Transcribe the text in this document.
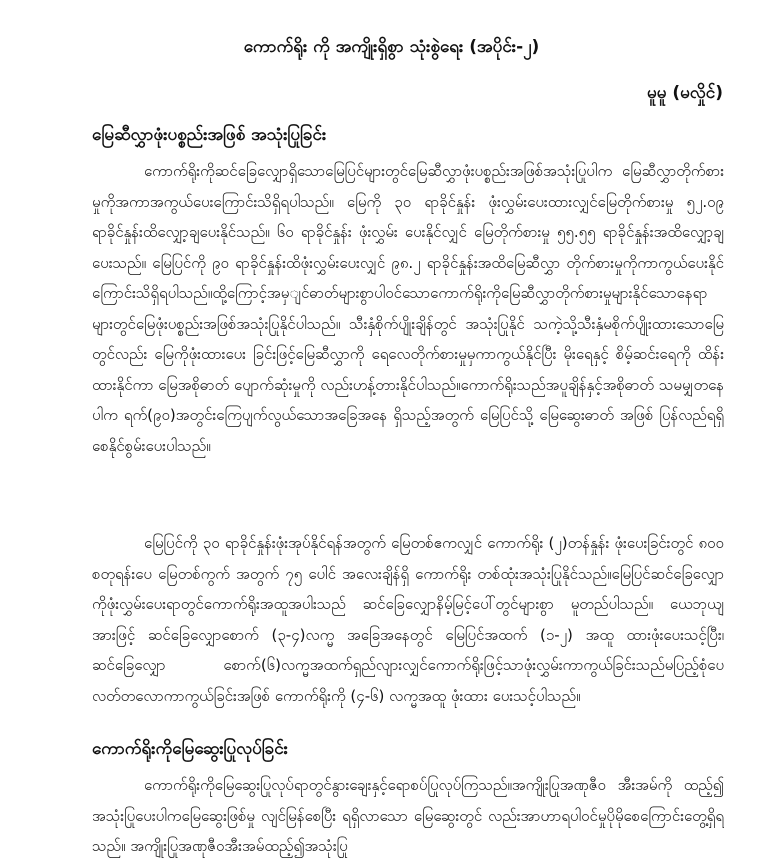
ကောက်ရိုး ကို အကျိုးရှိစွာ သုံးစွဲရေး (အပိုင်း-၂)
မူမူ (မလှိုင်)
မြေဆီလွှာဖုံးပစ္စည်းအဖြစ် အသုံးပြုခြင်း

ကောက်ရိုးကိုဆင်ခြေလျှောရှိသောမြေပြင်များတွင်မြေဆီလွှာဖုံးပစ္စည်းအဖြစ်အသုံးပြုပါက မြေဆီလွှာတိုက်စားမှုကိုအကာအကွယ်ပေးကြောင်းသိရှိရပါသည်။ မြေကို ၃၀ ရာခိုင်နှုန်း ဖုံးလွှမ်းပေးထားလျှင်မြေတိုက်စားမှု ၅၂.၀၉ ရာခိုင်နှုန်းထိလျှော့ချပေးနိုင်သည်။ ၆၀ ရာခိုင်နှုန်း ဖုံးလွှမ်း ပေးနိုင်လျှင် မြေတိုက်စားမှု ၅၅.၅၅ ရာခိုင်နှုန်းအထိလျှော့ချပေးသည်။ မြေပြင်ကို ၉၀ ရာခိုင်နှုန်းထိဖုံးလွှမ်းပေးလျှင် ၉၈.၂ ရာခိုင်နှုန်းအထိမြေဆီလွှာ တိုက်စားမှုကိုကာကွယ်ပေးနိုင်ကြောင်းသိရှိရပါသည်။ထို့ကြောင့်အမှျင်ဓာတ်များစွာပါဝင်သောကောက်ရိုးကိုမြေဆီလွှာတိုက်စားမှုများနိုင်သောနေရာများတွင်မြေဖုံးပစ္စည်းအဖြစ်အသုံးပြုနိုင်ပါသည်။ သီးနှံစိုက်ပျိုးချိန်တွင် အသုံးပြုနိုင် သကဲ့သို့သီးနှံမစိုက်ပျိုးထားသောမြေတွင်လည်း မြေကိုဖုံးထားပေး ခြင်းဖြင့်မြေဆီလွှာကို ရေလေတိုက်စားမှုမှကာကွယ်နိုင်ပြီး မိုးရေနှင့် စိမ့်ဆင်းရေကို ထိန်းထားနိုင်ကာ မြေအစိုဓာတ် ပျောက်ဆုံးမှုကို လည်းဟန့်တားနိုင်ပါသည်။ကောက်ရိုးသည်အပူချိန်နှင့်အစိုဓာတ် သမမျှတနေပါက ရက်(၉၀)အတွင်းကြေပျက်လွယ်သောအခြေအနေ ရှိသည့်အတွက် မြေပြင်သို့ မြေဆွေးဓာတ် အဖြစ် ပြန်လည်ရရှိစေနိုင်စွမ်းပေးပါသည်။

မြေပြင်ကို ၃၀ ရာခိုင်နှုန်းဖုံးအုပ်နိုင်ရန်အတွက် မြေတစ်ဧကလျှင် ကောက်ရိုး (၂)တန်နှုန်း ဖုံးပေးခြင်းတွင် ၈၀၀ စတုရန်းပေ မြေတစ်ကွက် အတွက် ၇၅ ပေါင် အလေးချိန်ရှိ ကောက်ရိုး တစ်ထုံးအသုံးပြုနိုင်သည်။မြေပြင်ဆင်ခြေလျှောကိုဖုံးလွှမ်းပေးရာတွင်ကောက်ရိုးအထူအပါးသည် ဆင်ခြေလျှောနိမ့်မြင့်ပေါ်တွင်များစွာ မူတည်ပါသည်။ ယေဘုယျအားဖြင့် ဆင်ခြေလျှောစောက် (၃-၄)လက္မ အခြေအနေတွင် မြေပြင်အထက် (၁-၂) အထူ ထားဖုံးပေးသင့်ပြီး၊ဆင်ခြေလျှော စောက်(၆)လက္မအထက်ရှည်လျားလျှင်ကောက်ရိုးဖြင့်သာဖုံးလွှမ်းကာကွယ်ခြင်းသည်မပြည့်စုံပေ လတ်တလောကာကွယ်ခြင်းအဖြစ် ကောက်ရိုးကို (၄-၆) လက္မအထူ ဖုံးထား ပေးသင့်ပါသည်။

ကောက်ရိုးကိုမြေဆွေးပြုလုပ်ခြင်း

ကောက်ရိုးကိုမြေဆွေးပြုလုပ်ရာတွင်နွားချေးနှင့်ရောစပ်ပြုလုပ်ကြသည်။အကျိုးပြုအဏုဇီဝ အီးအမ်ကို ထည့်၍ အသုံးပြုပေးပါကမြေဆွေးဖြစ်မှု လျင်မြန်စေပြီး ရရှိလာသော မြေဆွေးတွင် လည်းအာဟာရပါဝင်မှုပိုမိုစေကြောင်းတွေ့ရှိရသည်။ အကျိုးပြုအဏုဇီဝအီးအမ်ထည့်၍အသုံးပြု
